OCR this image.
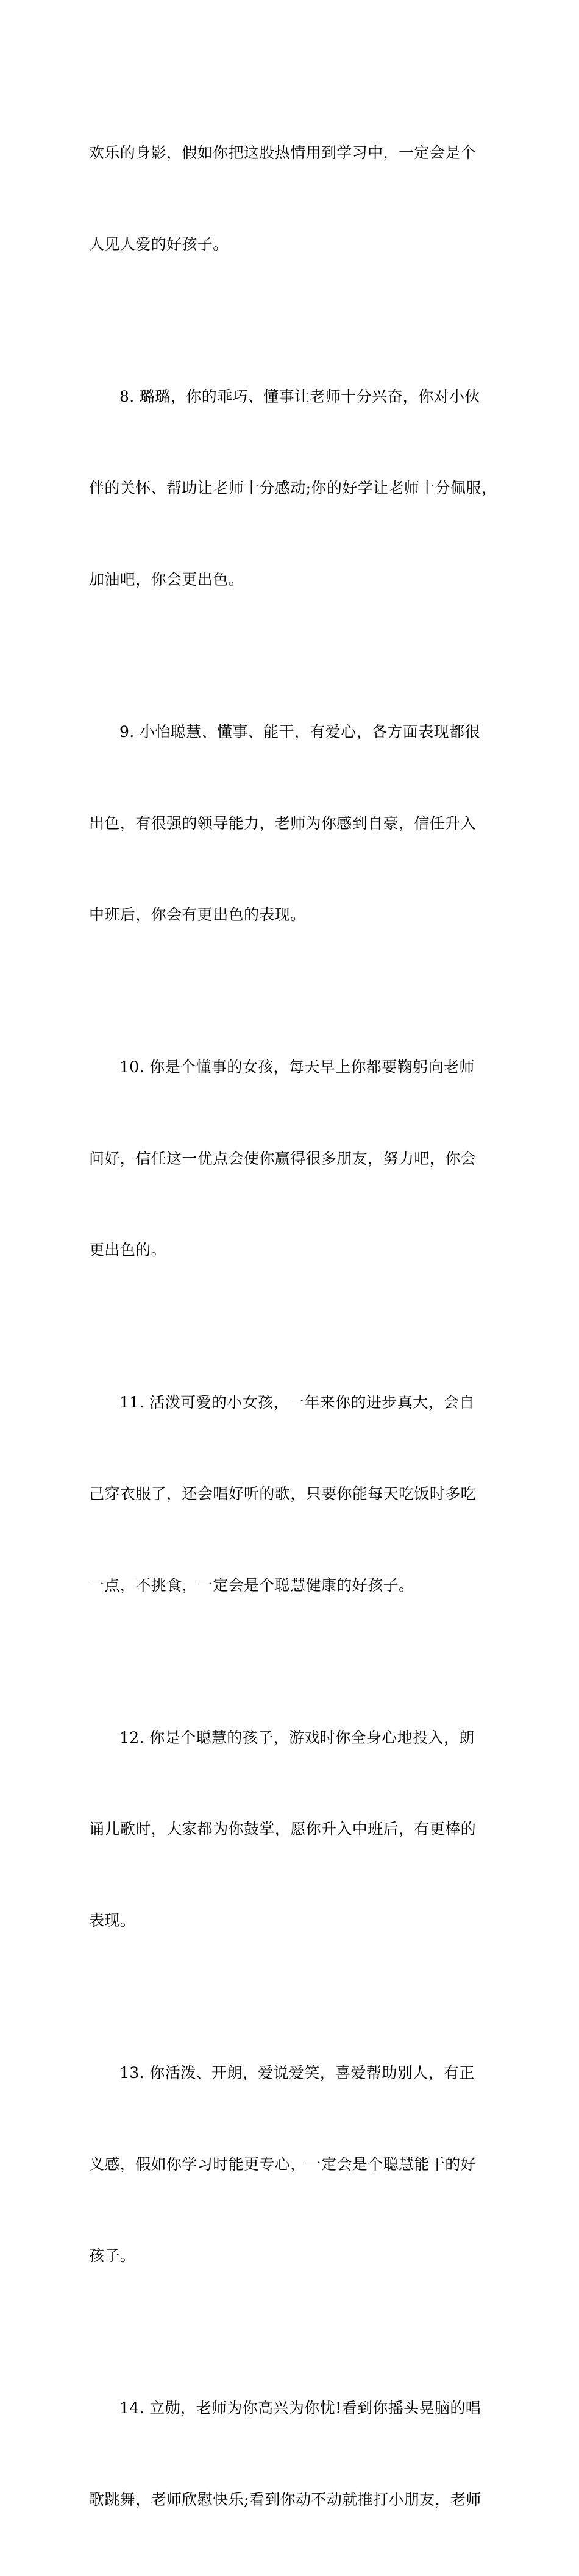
欢乐的身影，假如你把这股热情用到学习中，一定会是个

人见人爱的好孩子。

8. 璐璐，你的乖巧、懂事让老师十分兴奋，你对小伙

伴的关怀、帮助让老师十分感动;你的好学让老师十分佩服，

加油吧，你会更出色。

9. 小怡聪慧、懂事、能干，有爱心，各方面表现都很

出色，有很强的领导能力，老师为你感到自豪，信任升入

中班后，你会有更出色的表现。

10. 你是个懂事的女孩，每天早上你都要鞠躬向老师

问好，信任这一优点会使你赢得很多朋友，努力吧，你会

更出色的。

11. 活泼可爱的小女孩，一年来你的进步真大，会自

己穿衣服了，还会唱好听的歌，只要你能每天吃饭时多吃

一点，不挑食，一定会是个聪慧健康的好孩子。

12. 你是个聪慧的孩子，游戏时你全身心地投入，朗

诵儿歌时，大家都为你鼓掌，愿你升入中班后，有更棒的

表现。

13. 你活泼、开朗，爱说爱笑，喜爱帮助别人，有正

义感，假如你学习时能更专心，一定会是个聪慧能干的好

孩子。

14. 立勋，老师为你高兴为你忧!看到你摇头晃脑的唱

歌跳舞，老师欣慰快乐;看到你动不动就推打小朋友，老师
